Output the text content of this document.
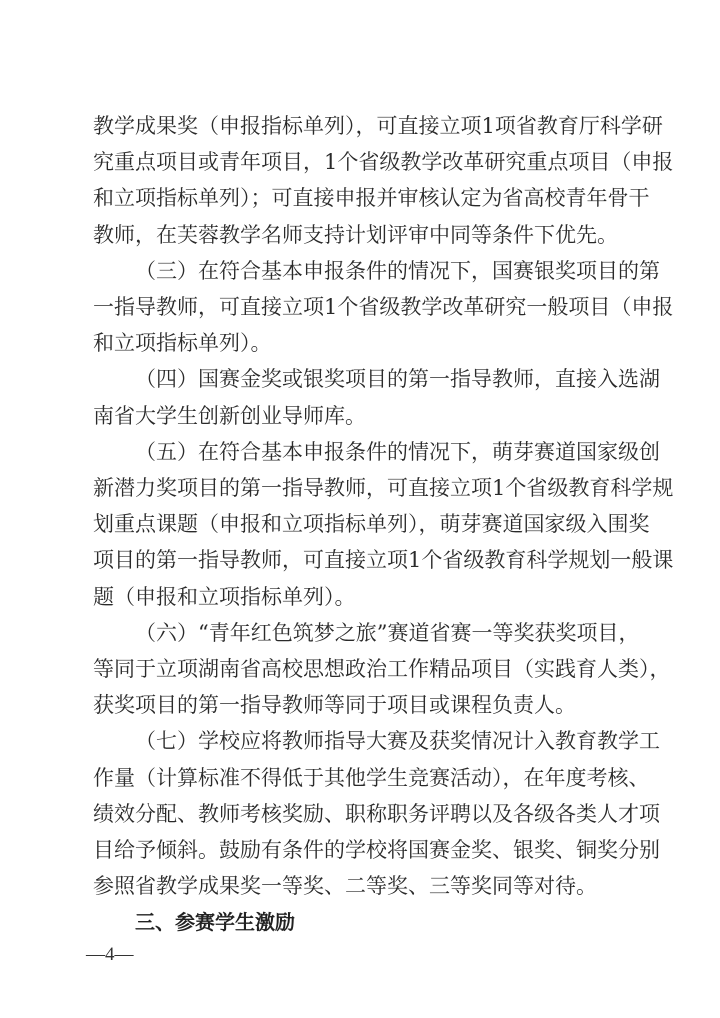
教学成果奖（申报指标单列），可直接立项1项省教育厅科学研
究重点项目或青年项目，1个省级教学改革研究重点项目（申报
和立项指标单列）；可直接申报并审核认定为省高校青年骨干
教师，在芙蓉教学名师支持计划评审中同等条件下优先。
（三）在符合基本申报条件的情况下，国赛银奖项目的第
一指导教师，可直接立项1个省级教学改革研究一般项目（申报
和立项指标单列）。
（四）国赛金奖或银奖项目的第一指导教师，直接入选湖
南省大学生创新创业导师库。
（五）在符合基本申报条件的情况下，萌芽赛道国家级创
新潜力奖项目的第一指导教师，可直接立项1个省级教育科学规
划重点课题（申报和立项指标单列），萌芽赛道国家级入围奖
项目的第一指导教师，可直接立项1个省级教育科学规划一般课
题（申报和立项指标单列）。
（六）“青年红色筑梦之旅”赛道省赛一等奖获奖项目，
等同于立项湖南省高校思想政治工作精品项目（实践育人类），
获奖项目的第一指导教师等同于项目或课程负责人。
（七）学校应将教师指导大赛及获奖情况计入教育教学工
作量（计算标准不得低于其他学生竞赛活动），在年度考核、
绩效分配、教师考核奖励、职称职务评聘以及各级各类人才项
目给予倾斜。鼓励有条件的学校将国赛金奖、银奖、铜奖分别
参照省教学成果奖一等奖、二等奖、三等奖同等对待。
三、参赛学生激励
—4—
